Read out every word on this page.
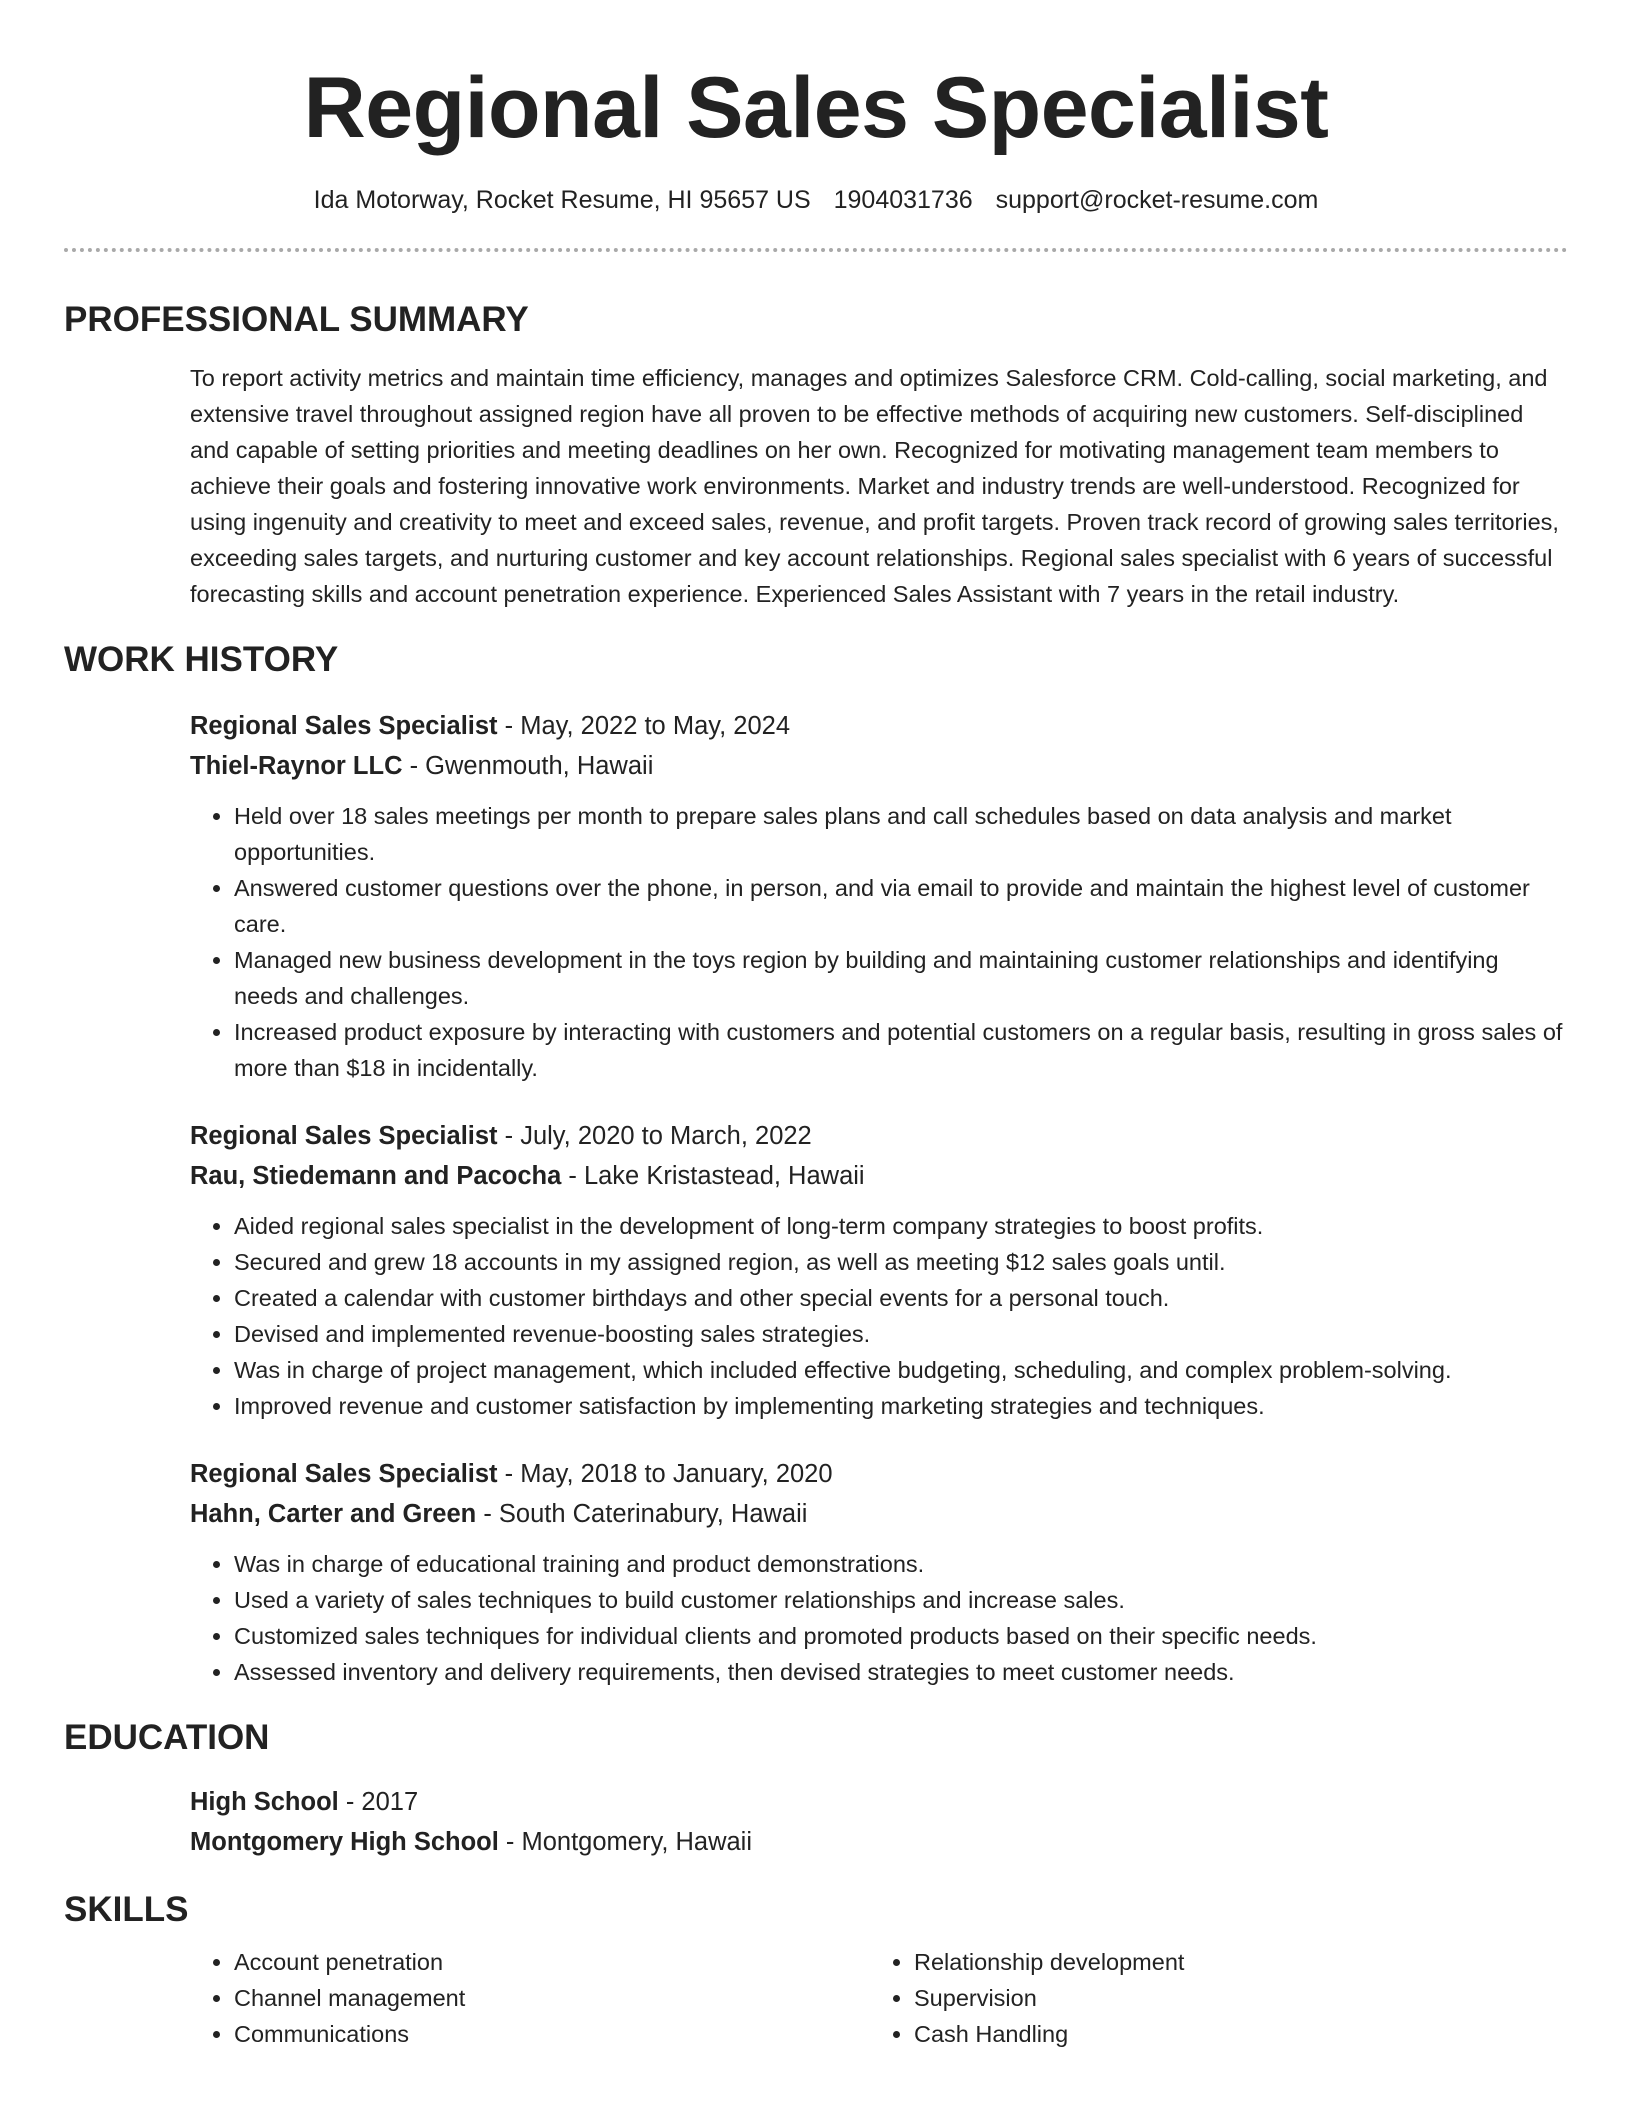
Regional Sales Specialist
Ida Motorway, Rocket Resume, HI 95657 US 1904031736 support@rocket-resume.com
PROFESSIONAL SUMMARY
To report activity metrics and maintain time efficiency, manages and optimizes Salesforce CRM. Cold-calling, social marketing, and extensive travel throughout assigned region have all proven to be effective methods of acquiring new customers. Self-disciplined and capable of setting priorities and meeting deadlines on her own. Recognized for motivating management team members to achieve their goals and fostering innovative work environments. Market and industry trends are well-understood. Recognized for using ingenuity and creativity to meet and exceed sales, revenue, and profit targets. Proven track record of growing sales territories, exceeding sales targets, and nurturing customer and key account relationships. Regional sales specialist with 6 years of successful forecasting skills and account penetration experience. Experienced Sales Assistant with 7 years in the retail industry.
WORK HISTORY
Regional Sales Specialist - May, 2022 to May, 2024
Thiel-Raynor LLC - Gwenmouth, Hawaii
• Held over 18 sales meetings per month to prepare sales plans and call schedules based on data analysis and market opportunities.
• Answered customer questions over the phone, in person, and via email to provide and maintain the highest level of customer care.
• Managed new business development in the toys region by building and maintaining customer relationships and identifying needs and challenges.
• Increased product exposure by interacting with customers and potential customers on a regular basis, resulting in gross sales of more than $18 in incidentally.
Regional Sales Specialist - July, 2020 to March, 2022
Rau, Stiedemann and Pacocha - Lake Kristastead, Hawaii
• Aided regional sales specialist in the development of long-term company strategies to boost profits.
• Secured and grew 18 accounts in my assigned region, as well as meeting $12 sales goals until.
• Created a calendar with customer birthdays and other special events for a personal touch.
• Devised and implemented revenue-boosting sales strategies.
• Was in charge of project management, which included effective budgeting, scheduling, and complex problem-solving.
• Improved revenue and customer satisfaction by implementing marketing strategies and techniques.
Regional Sales Specialist - May, 2018 to January, 2020
Hahn, Carter and Green - South Caterinabury, Hawaii
• Was in charge of educational training and product demonstrations.
• Used a variety of sales techniques to build customer relationships and increase sales.
• Customized sales techniques for individual clients and promoted products based on their specific needs.
• Assessed inventory and delivery requirements, then devised strategies to meet customer needs.
EDUCATION
High School - 2017
Montgomery High School - Montgomery, Hawaii
SKILLS
• Account penetration
• Channel management
• Communications
• Relationship development
• Supervision
• Cash Handling
